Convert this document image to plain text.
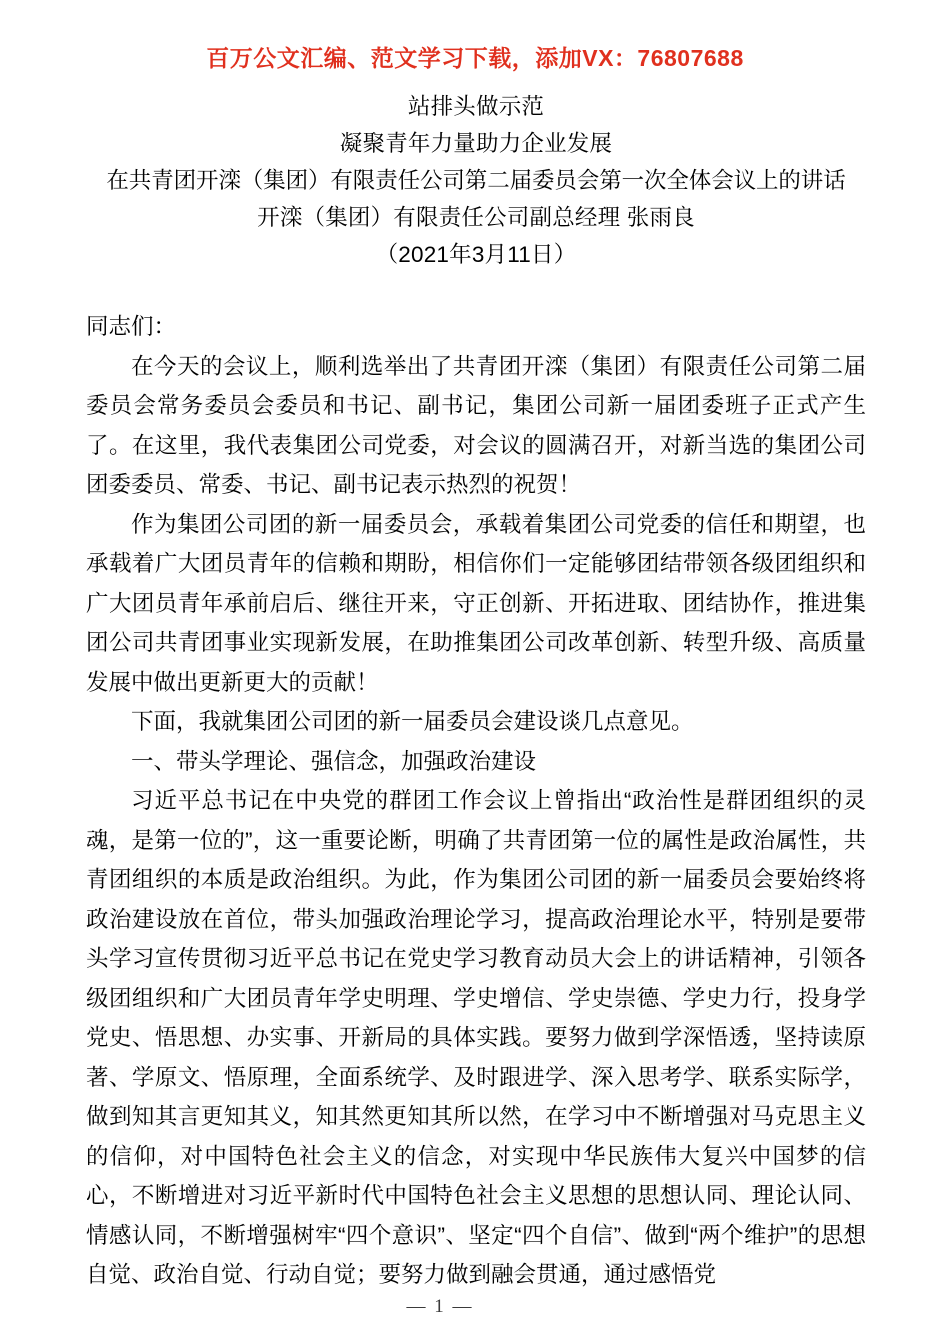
百万公文汇编、范文学习下载，添加VX：76807688
站排头做示范
凝聚青年力量助力企业发展
在共青团开滦（集团）有限责任公司第二届委员会第一次全体会议上的讲话
开滦（集团）有限责任公司副总经理 张雨良
（2021年3月11日）

同志们：

在今天的会议上，顺利选举出了共青团开滦（集团）有限责任公司第二届委员会常务委员会委员和书记、副书记，集团公司新一届团委班子正式产生了。在这里，我代表集团公司党委，对会议的圆满召开，对新当选的集团公司团委委员、常委、书记、副书记表示热烈的祝贺！

作为集团公司团的新一届委员会，承载着集团公司党委的信任和期望，也承载着广大团员青年的信赖和期盼，相信你们一定能够团结带领各级团组织和广大团员青年承前启后、继往开来，守正创新、开拓进取、团结协作，推进集团公司共青团事业实现新发展，在助推集团公司改革创新、转型升级、高质量发展中做出更新更大的贡献！

下面，我就集团公司团的新一届委员会建设谈几点意见。

一、带头学理论、强信念，加强政治建设

习近平总书记在中央党的群团工作会议上曾指出“政治性是群团组织的灵魂，是第一位的”，这一重要论断，明确了共青团第一位的属性是政治属性，共青团组织的本质是政治组织。为此，作为集团公司团的新一届委员会要始终将政治建设放在首位，带头加强政治理论学习，提高政治理论水平，特别是要带头学习宣传贯彻习近平总书记在党史学习教育动员大会上的讲话精神，引领各级团组织和广大团员青年学史明理、学史增信、学史崇德、学史力行，投身学党史、悟思想、办实事、开新局的具体实践。要努力做到学深悟透，坚持读原著、学原文、悟原理，全面系统学、及时跟进学、深入思考学、联系实际学，做到知其言更知其义，知其然更知其所以然，在学习中不断增强对马克思主义的信仰，对中国特色社会主义的信念，对实现中华民族伟大复兴中国梦的信心，不断增进对习近平新时代中国特色社会主义思想的思想认同、理论认同、情感认同，不断增强树牢“四个意识”、坚定“四个自信”、做到“两个维护”的思想自觉、政治自觉、行动自觉；要努力做到融会贯通，通过感悟党

— 1 —
